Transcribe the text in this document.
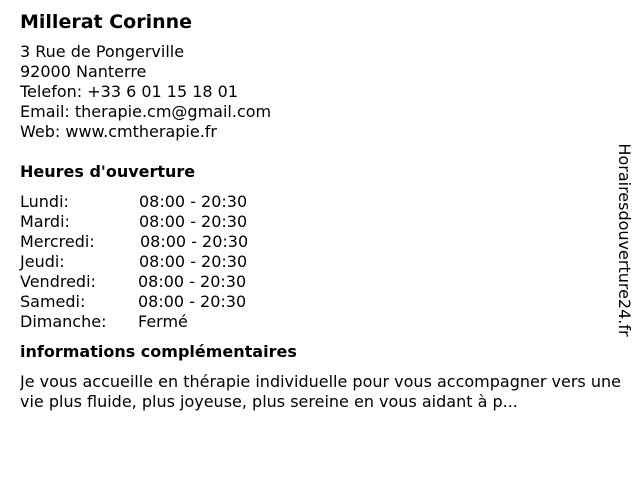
Millerat Corinne
3 Rue de Pongerville
92000 Nanterre
Telefon: +33 6 01 15 18 01
Email: therapie.cm@gmail.com
Web: www.cmtherapie.fr
Heures d'ouverture
Lundi:	08:00 - 20:30
Mardi:	08:00 - 20:30
Mercredi:	08:00 - 20:30
Jeudi:	08:00 - 20:30
Vendredi:	08:00 - 20:30
Samedi:	08:00 - 20:30
Dimanche:	Fermé
informations complémentaires
Je vous accueille en thérapie individuelle pour vous accompagner vers une vie plus fluide, plus joyeuse, plus sereine en vous aidant à p...
Horairesdouverture24.fr
